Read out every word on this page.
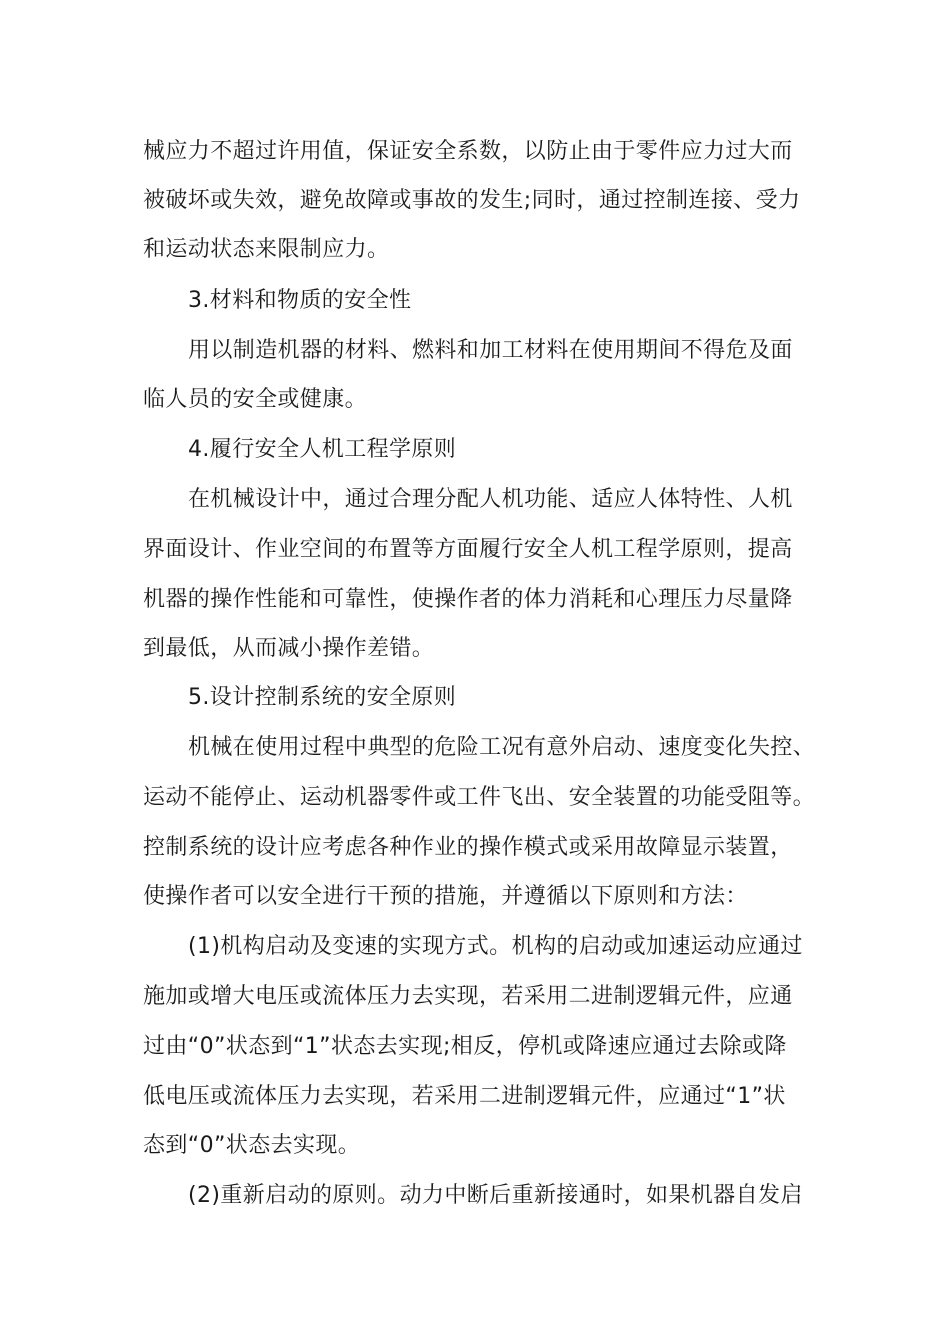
械应力不超过许用值，保证安全系数，以防止由于零件应力过大而
被破坏或失效，避免故障或事故的发生;同时，通过控制连接、受力
和运动状态来限制应力。
3.材料和物质的安全性
用以制造机器的材料、燃料和加工材料在使用期间不得危及面
临人员的安全或健康。
4.履行安全人机工程学原则
在机械设计中，通过合理分配人机功能、适应人体特性、人机
界面设计、作业空间的布置等方面履行安全人机工程学原则，提高
机器的操作性能和可靠性，使操作者的体力消耗和心理压力尽量降
到最低，从而减小操作差错。
5.设计控制系统的安全原则
机械在使用过程中典型的危险工况有意外启动、速度变化失控、
运动不能停止、运动机器零件或工件飞出、安全装置的功能受阻等。
控制系统的设计应考虑各种作业的操作模式或采用故障显示装置，
使操作者可以安全进行干预的措施，并遵循以下原则和方法：
(1)机构启动及变速的实现方式。机构的启动或加速运动应通过
施加或增大电压或流体压力去实现，若采用二进制逻辑元件，应通
过由“0”状态到“1”状态去实现;相反，停机或降速应通过去除或降
低电压或流体压力去实现，若采用二进制逻辑元件，应通过“1”状
态到“0”状态去实现。
(2)重新启动的原则。动力中断后重新接通时，如果机器自发启
